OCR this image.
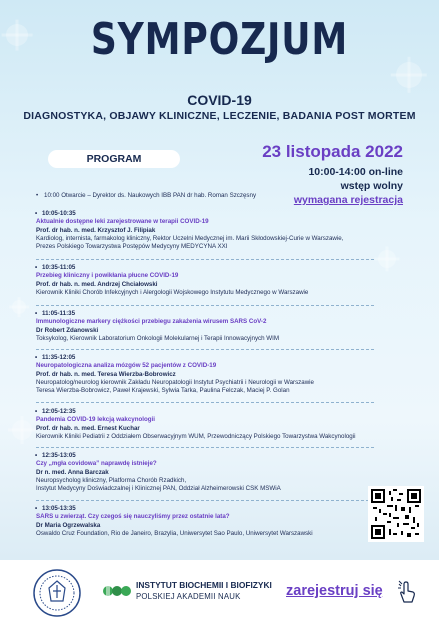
SYMPOZJUM
COVID-19
DIAGNOSTYKA, OBJAWY KLINICZNE, LECZENIE, BADANIA POST MORTEM
PROGRAM	23 listopada 2022
10:00-14:00 on-line
wstęp wolny
wymagana rejestracja
• 10:00 Otwarcie – Dyrektor ds. Naukowych IBB PAN dr hab. Roman Szczęsny
• 10:05-10:35
Aktualnie dostępne leki zarejestrowane w terapii COVID-19
Prof. dr hab. n. med. Krzysztof J. Filipiak
Kardiolog, internista, farmakolog kliniczny, Rektor Uczelni Medycznej im. Marii Skłodowskiej-Curie w Warszawie,
Prezes Polskiego Towarzystwa Postępów Medycyny MEDYCYNA XXI
• 10:35-11:05
Przebieg kliniczny i powikłania płucne COVID-19
Prof. dr hab. n. med. Andrzej Chciałowski
Kierownik Kliniki Chorób Infekcyjnych i Alergologii Wojskowego Instytutu Medycznego w Warszawie
• 11:05-11:35
Immunologiczne markery ciężkości przebiegu zakażenia wirusem SARS CoV-2
Dr Robert Zdanowski
Toksykolog, Kierownik Laboratorium Onkologii Molekularnej i Terapii Innowacyjnych WIM
• 11:35-12:05
Neuropatologiczna analiza mózgów 52 pacjentów z COVID-19
Prof. dr hab. n. med. Teresa Wierzba-Bobrowicz
Neuropatolog/neurolog kierownik Zakładu Neuropatologii Instytut Psychiatrii i Neurologii w Warszawie
Teresa Wierzba-Bobrowicz, Paweł Krajewski, Sylwia Tarka, Paulina Felczak, Maciej P. Golan
• 12:05-12:35
Pandemia COVID-19 lekcją wakcynologii
Prof. dr hab. n. med. Ernest Kuchar
Kierownik Kliniki Pediatrii z Oddziałem Obserwacyjnym WUM, Przewodniczący Polskiego Towarzystwa Wakcynologii
• 12:35-13:05
Czy „mgła covidowa” naprawdę istnieje?
Dr n. med. Anna Barczak
Neuropsycholog kliniczny, Platforma Chorób Rzadkich,
Instytut Medycyny Doświadczalnej i Klinicznej PAN, Oddział Alzheimerowski CSK MSWiA
• 13:05-13:35
SARS u zwierząt. Czy czegoś się nauczyliśmy przez ostatnie lata?
Dr Maria Ogrzewalska
Oswaldo Cruz Foundation, Rio de Janeiro, Brazylia, Uniwersytet Sao Paulo, Uniwersytet Warszawski
INSTYTUT BIOCHEMII I BIOFIZYKI
POLSKIEJ AKADEMII NAUK	zarejestruj się
